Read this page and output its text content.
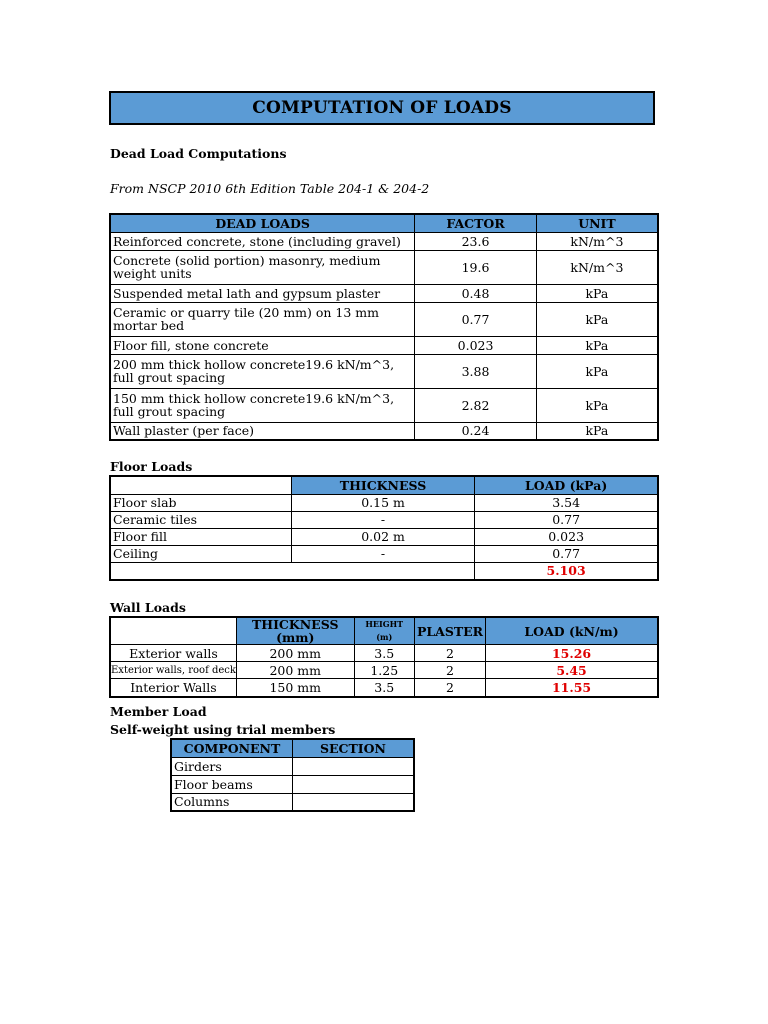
COMPUTATION OF LOADS
Dead Load Computations
From NSCP 2010 6th Edition Table 204-1 & 204-2
DEAD LOADS	FACTOR	UNIT
Reinforced concrete, stone (including gravel)	23.6	kN/m^3
Concrete (solid portion) masonry, medium weight units	19.6	kN/m^3
Suspended metal lath and gypsum plaster	0.48	kPa
Ceramic or quarry tile (20 mm) on 13 mm mortar bed	0.77	kPa
Floor fill, stone concrete	0.023	kPa
200 mm thick hollow concrete19.6 kN/m^3, full grout spacing	3.88	kPa
150 mm thick hollow concrete19.6 kN/m^3, full grout spacing	2.82	kPa
Wall plaster (per face)	0.24	kPa
Floor Loads
	THICKNESS	LOAD (kPa)
Floor slab	0.15 m	3.54
Ceramic tiles	-	0.77
Floor fill	0.02 m	0.023
Ceiling	-	0.77
		5.103
Wall Loads
	THICKNESS (mm)	HEIGHT (m)	PLASTER	LOAD (kN/m)
Exterior walls	200 mm	3.5	2	15.26
Exterior walls, roof deck	200 mm	1.25	2	5.45
Interior Walls	150 mm	3.5	2	11.55
Member Load
Self-weight using trial members
COMPONENT	SECTION
Girders	
Floor beams	
Columns	
